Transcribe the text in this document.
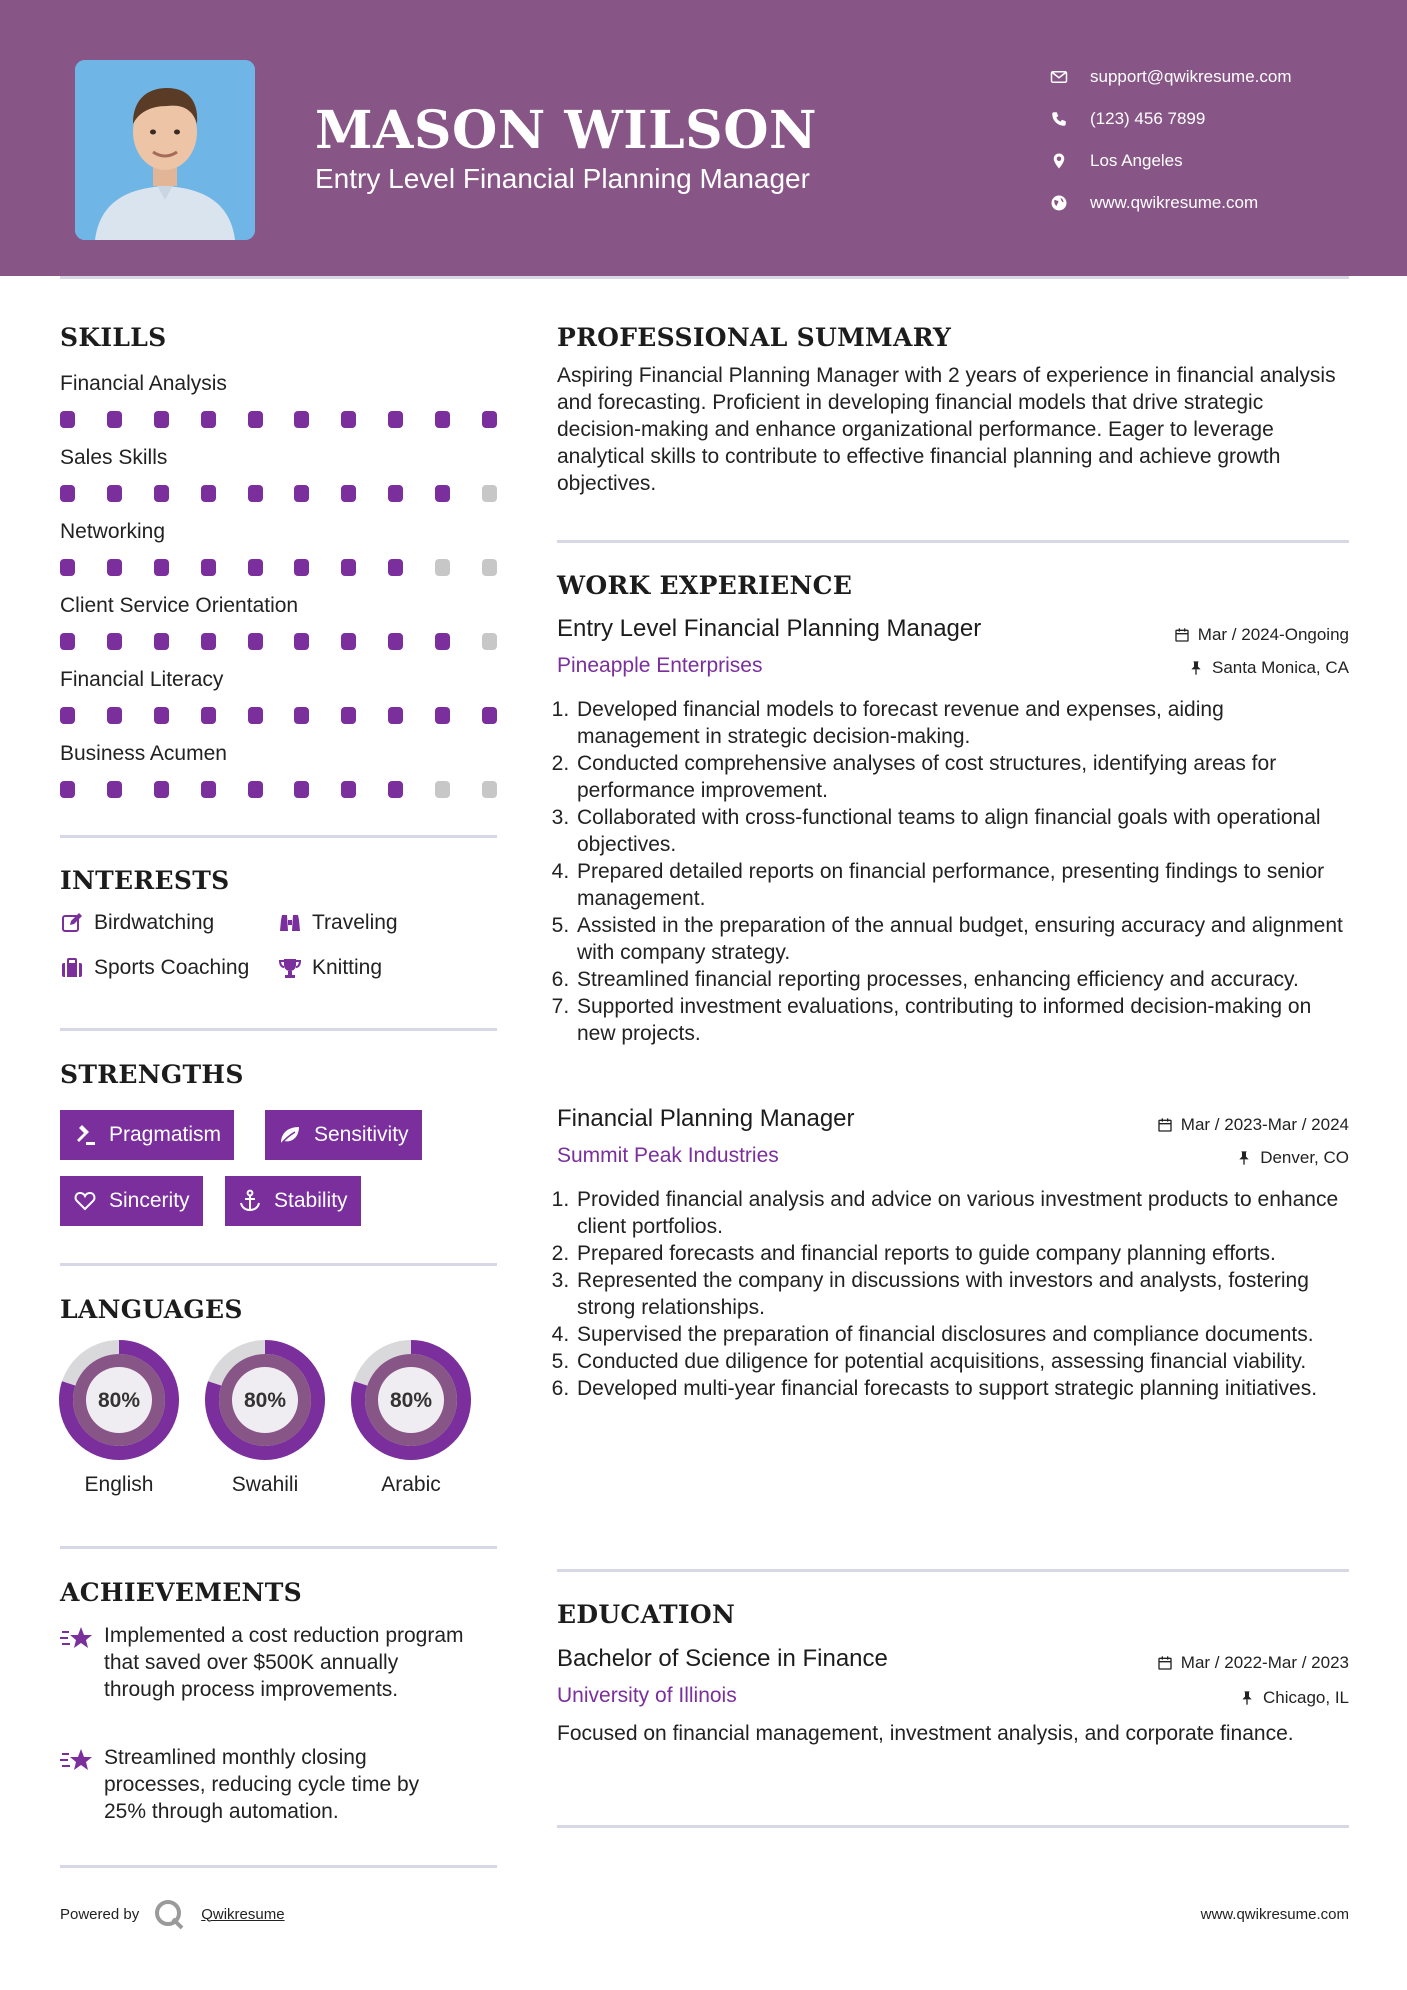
MASON WILSON
Entry Level Financial Planning Manager
support@qwikresume.com
(123) 456 7899
Los Angeles
www.qwikresume.com
SKILLS
Financial Analysis
Sales Skills
Networking
Client Service Orientation
Financial Literacy
Business Acumen
INTERESTS
Birdwatching	Traveling
Sports Coaching	Knitting
STRENGTHS
Pragmatism	Sensitivity
Sincerity	Stability
LANGUAGES
80%
English
80%
Swahili
80%
Arabic
ACHIEVEMENTS
Implemented a cost reduction program that saved over $500K annually through process improvements.
Streamlined monthly closing processes, reducing cycle time by 25% through automation.
PROFESSIONAL SUMMARY
Aspiring Financial Planning Manager with 2 years of experience in financial analysis and forecasting. Proficient in developing financial models that drive strategic decision-making and enhance organizational performance. Eager to leverage analytical skills to contribute to effective financial planning and achieve growth objectives.
WORK EXPERIENCE
Entry Level Financial Planning Manager	Mar / 2024-Ongoing
Pineapple Enterprises	Santa Monica, CA
1. Developed financial models to forecast revenue and expenses, aiding management in strategic decision-making.
2. Conducted comprehensive analyses of cost structures, identifying areas for performance improvement.
3. Collaborated with cross-functional teams to align financial goals with operational objectives.
4. Prepared detailed reports on financial performance, presenting findings to senior management.
5. Assisted in the preparation of the annual budget, ensuring accuracy and alignment with company strategy.
6. Streamlined financial reporting processes, enhancing efficiency and accuracy.
7. Supported investment evaluations, contributing to informed decision-making on new projects.
Financial Planning Manager	Mar / 2023-Mar / 2024
Summit Peak Industries	Denver, CO
1. Provided financial analysis and advice on various investment products to enhance client portfolios.
2. Prepared forecasts and financial reports to guide company planning efforts.
3. Represented the company in discussions with investors and analysts, fostering strong relationships.
4. Supervised the preparation of financial disclosures and compliance documents.
5. Conducted due diligence for potential acquisitions, assessing financial viability.
6. Developed multi-year financial forecasts to support strategic planning initiatives.
EDUCATION
Bachelor of Science in Finance	Mar / 2022-Mar / 2023
University of Illinois	Chicago, IL
Focused on financial management, investment analysis, and corporate finance.
Powered by	Qwikresume	www.qwikresume.com
